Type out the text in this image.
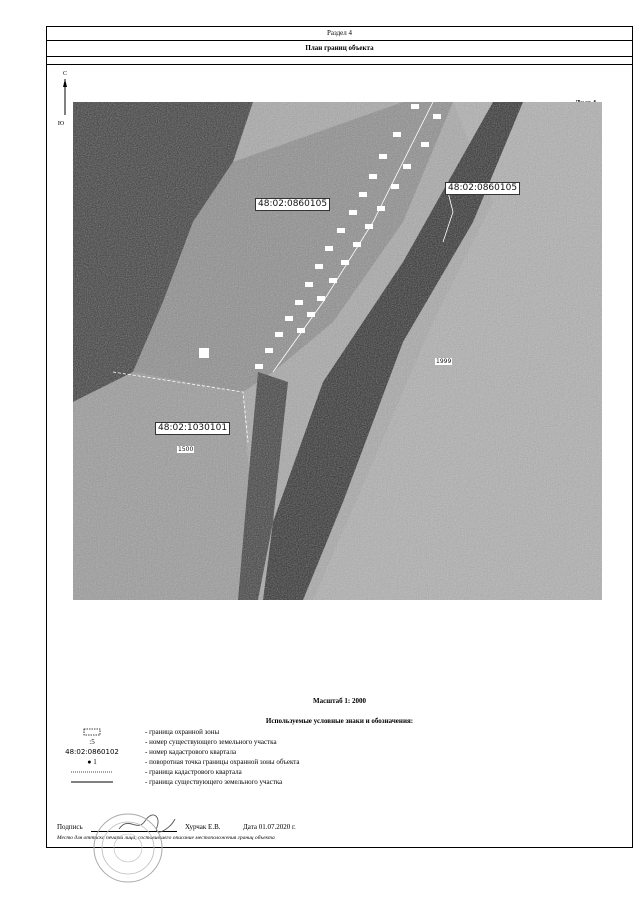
Раздел 4
План границ объекта
С
Ю
48:02:0860105
48:02:0860105
48:02:1030101
1999
1500
Масштаб 1: 2000
Используемые условные знаки и обозначения:
- граница охранной зоны
:5	- номер существующего земельного участка
48:02:0860102	- номер кадастрового квартала
● 1	- поворотная точка границы охранной зоны объекта
- граница кадастрового квартала
- граница существующего земельного участка
Подпись	Хурчак Е.В.	Дата 01.07.2020 г.
Место для оттиска печати лица, составившего описание местоположения границ объекта
